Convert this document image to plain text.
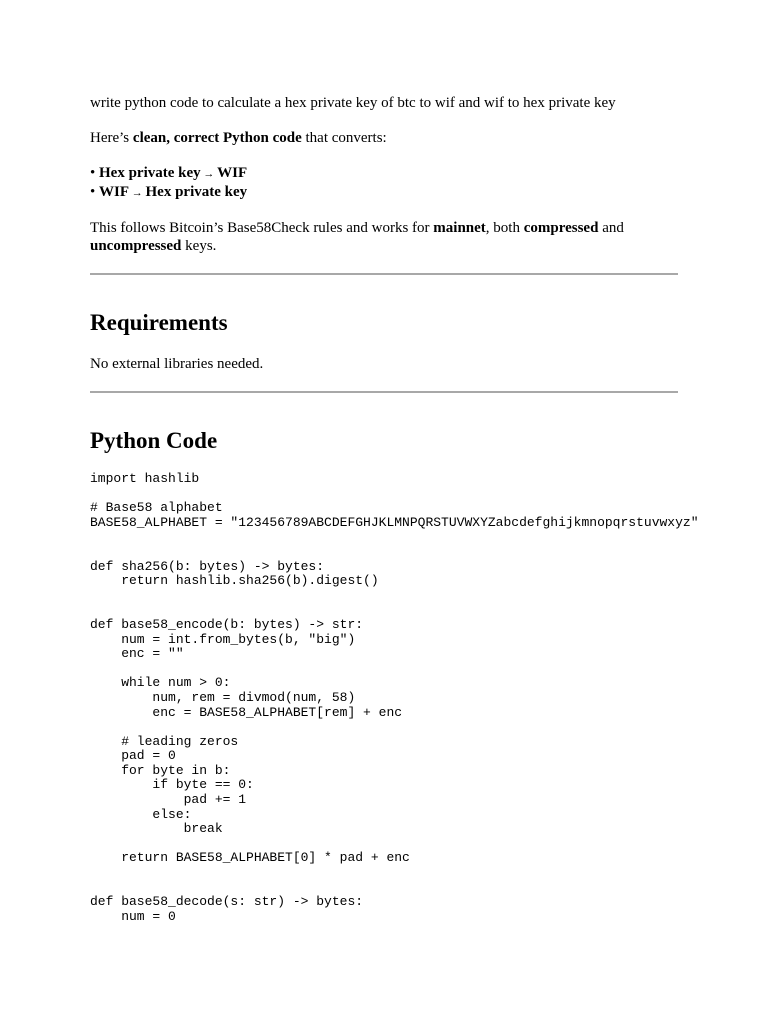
write python code to calculate a hex private key of btc to wif and wif to hex private key

Here’s clean, correct Python code that converts:

• Hex private key → WIF
• WIF → Hex private key

This follows Bitcoin’s Base58Check rules and works for mainnet, both compressed and
uncompressed keys.

Requirements

No external libraries needed.

Python Code
import hashlib

# Base58 alphabet
BASE58_ALPHABET = "123456789ABCDEFGHJKLMNPQRSTUVWXYZabcdefghijkmnopqrstuvwxyz"

def sha256(b: bytes) -> bytes:
return hashlib.sha256(b).digest()

def base58_encode(b: bytes) -> str:
num = int.from_bytes(b, "big")
enc = ""

while num > 0:
num, rem = divmod(num, 58)
enc = BASE58_ALPHABET[rem] + enc

# leading zeros
pad = 0
for byte in b:
if byte == 0:
pad += 1
else:
break

return BASE58_ALPHABET[0] * pad + enc

def base58_decode(s: str) -> bytes:
num = 0
